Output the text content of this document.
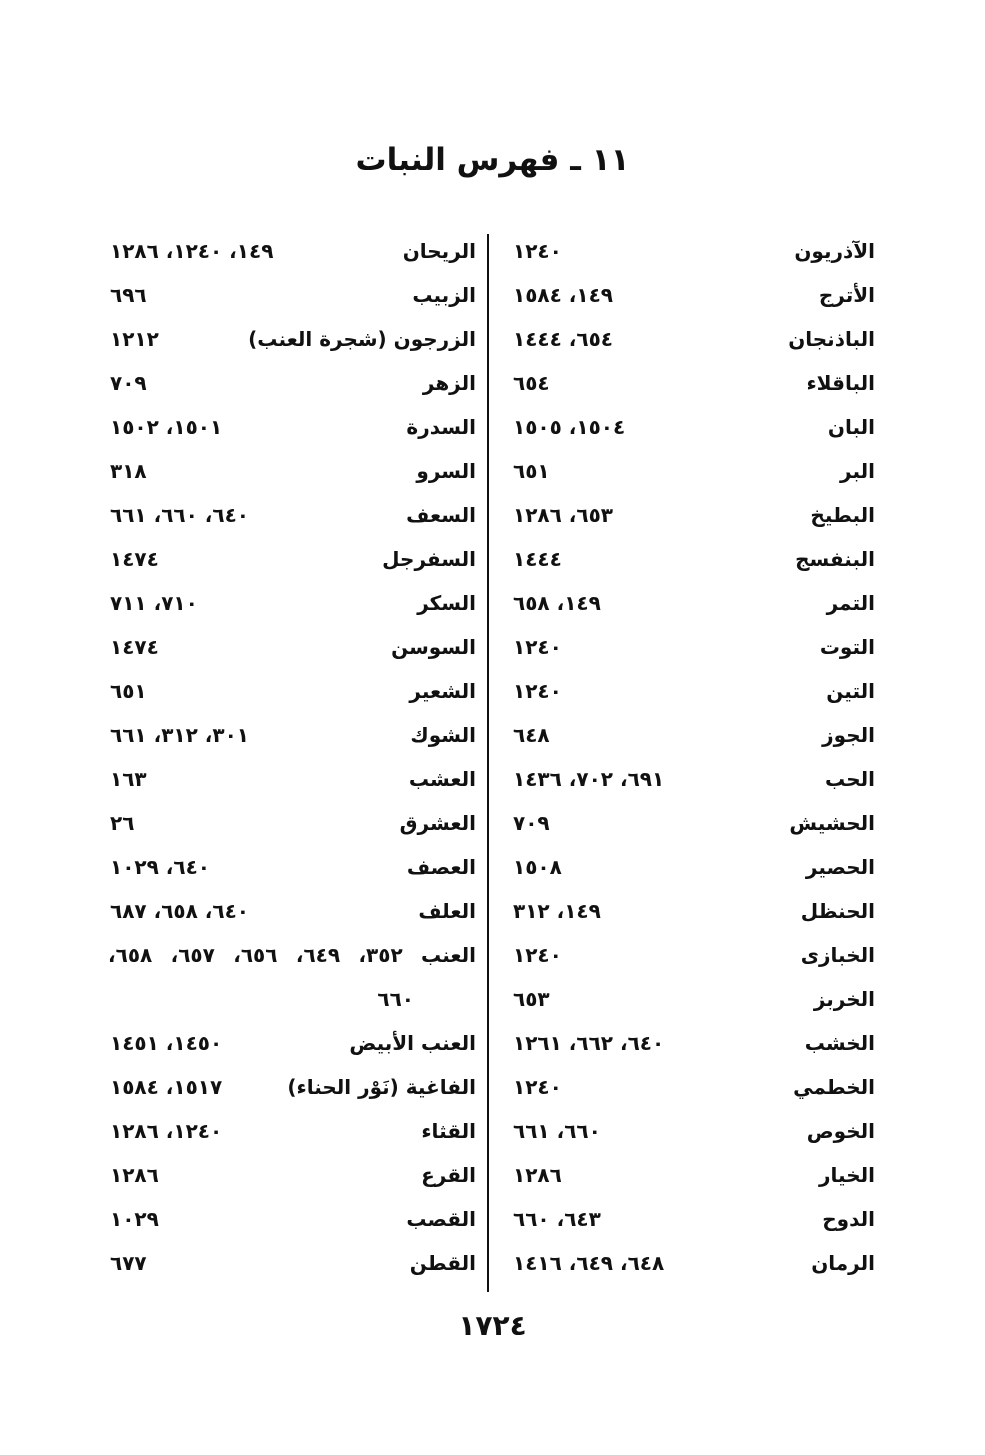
١١ ـ فهرس النبات
الآذريون
١٢٤٠
الأترج
١٤٩، ١٥٨٤
الباذنجان
٦٥٤، ١٤٤٤
الباقلاء
٦٥٤
البان
١٥٠٤، ١٥٠٥
البر
٦٥١
البطيخ
٦٥٣، ١٢٨٦
البنفسج
١٤٤٤
التمر
١٤٩، ٦٥٨
التوت
١٢٤٠
التين
١٢٤٠
الجوز
٦٤٨
الحب
٦٩١، ٧٠٢، ١٤٣٦
الحشيش
٧٠٩
الحصير
١٥٠٨
الحنظل
١٤٩، ٣١٢
الخبازى
١٢٤٠
الخربز
٦٥٣
الخشب
٦٤٠، ٦٦٢، ١٢٦١
الخطمي
١٢٤٠
الخوص
٦٦٠، ٦٦١
الخيار
١٢٨٦
الدوح
٦٤٣، ٦٦٠
الرمان
٦٤٨، ٦٤٩، ١٤١٦
الريحان
١٤٩، ١٢٤٠، ١٢٨٦
الزبيب
٦٩٦
الزرجون (شجرة العنب)
١٢١٢
الزهر
٧٠٩
السدرة
١٥٠١، ١٥٠٢
السرو
٣١٨
السعف
٦٤٠، ٦٦٠، ٦٦١
السفرجل
١٤٧٤
السكر
٧١٠، ٧١١
السوسن
١٤٧٤
الشعير
٦٥١
الشوك
٣٠١، ٣١٢، ٦٦١
العشب
١٦٣
العشرق
٢٦
العصف
٦٤٠، ١٠٢٩
العلف
٦٤٠، ٦٥٨، ٦٨٧
العنب ٣٥٢، ٦٤٩، ٦٥٦، ٦٥٧، ٦٥٨،
٦٦٠
العنب الأبيض
١٤٥٠، ١٤٥١
الفاغية (نَوْر الحناء)
١٥١٧، ١٥٨٤
القثاء
١٢٤٠، ١٢٨٦
القرع
١٢٨٦
القصب
١٠٢٩
القطن
٦٧٧
١٧٢٤
